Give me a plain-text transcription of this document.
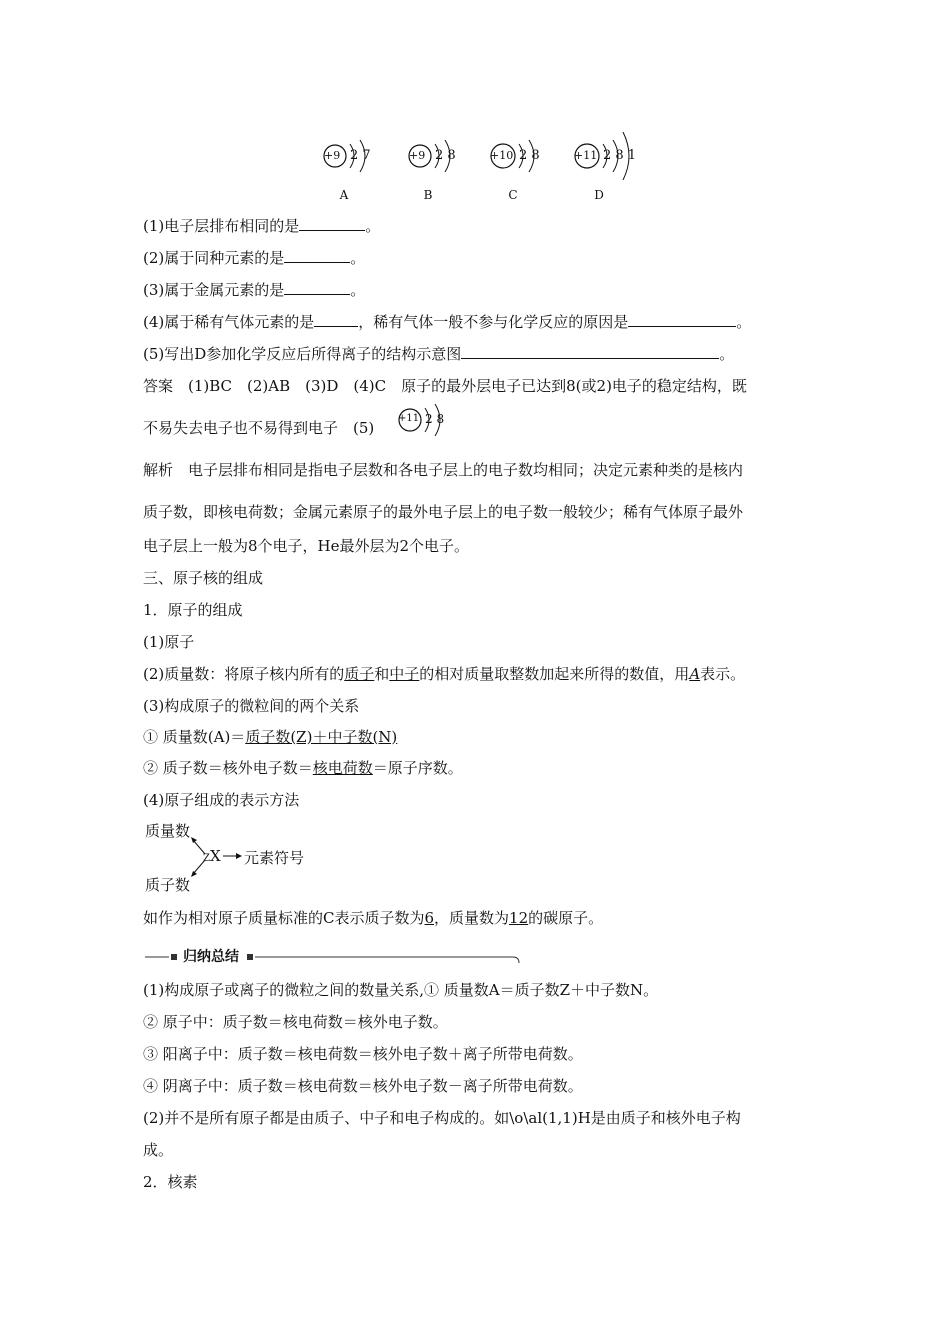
+9 2 7
A
+9 2 8
B
+10 2 8
C
+11 2 8 1
D
(1)电子层排布相同的是	。
(2)属于同种元素的是	。
(3)属于金属元素的是	。
(4)属于稀有气体元素的是	，稀有气体一般不参与化学反应的原因是	。
(5)写出D参加化学反应后所得离子的结构示意图	。
答案　(1)BC　(2)AB　(3)D　(4)C　原子的最外层电子已达到8(或2)电子的稳定结构，既
不易失去电子也不易得到电子　(5)
+11 2 8
解析　电子层排布相同是指电子层数和各电子层上的电子数均相同；决定元素种类的是核内
质子数，即核电荷数；金属元素原子的最外电子层上的电子数一般较少；稀有气体原子最外
电子层上一般为8个电子，He最外层为2个电子。
三、原子核的组成
1．原子的组成
(1)原子
(2)质量数：将原子核内所有的质子和中子的相对质量取整数加起来所得的数值，用A表示。
(3)构成原子的微粒间的两个关系
① 质量数(A)＝质子数(Z)＋中子数(N)
② 质子数＝核外电子数＝核电荷数＝原子序数。
(4)原子组成的表示方法
质量数
质子数
Z X 元素符号
如作为相对原子质量标准的C表示质子数为6，质量数为12的碳原子。
归纳总结
(1)构成原子或离子的微粒之间的数量关系,① 质量数A＝质子数Z＋中子数N。
② 原子中：质子数＝核电荷数＝核外电子数。
③ 阳离子中：质子数＝核电荷数＝核外电子数＋离子所带电荷数。
④ 阴离子中：质子数＝核电荷数＝核外电子数－离子所带电荷数。
(2)并不是所有原子都是由质子、中子和电子构成的。如\o\al(1,1)H是由质子和核外电子构
成。
2．核素
